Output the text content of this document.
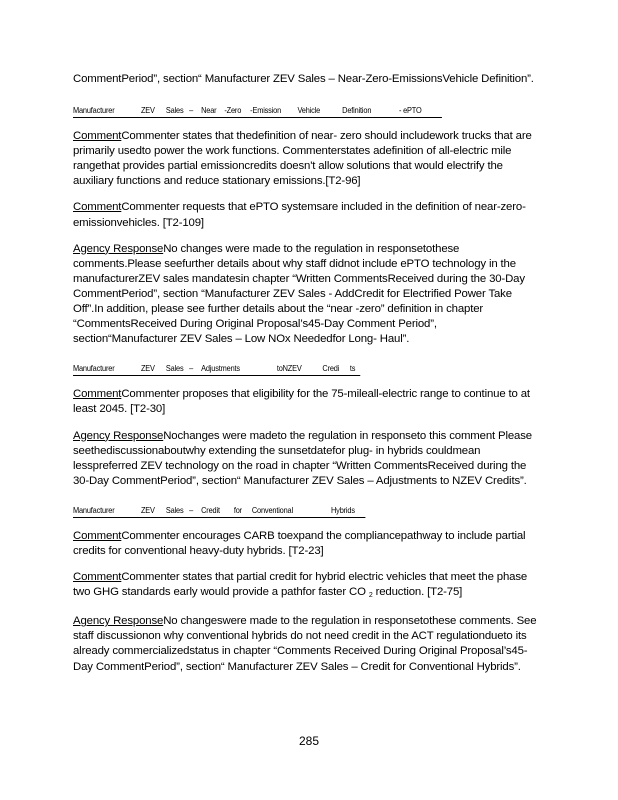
CommentPeriod”, section“ Manufacturer ZEV Sales – Near-Zero-EmissionsVehicle Definition”.

Manufacturer	ZEV Sales – Near -Zero -Emission Vehicle	Definition	- ePTO

CommentCommenter states that thedefinition of near- zero should includework trucks that are primarily usedto power the work functions. Commenterstates adefinition of all-electric mile rangethat provides partial emissioncredits doesn't allow solutions that would electrify the auxiliary functions and reduce stationary emissions.[T2-96]

CommentCommenter requests that ePTO systemsare included in the definition of near-zero-emissionvehicles. [T2-109]

Agency ResponseNo changes were made to the regulation in responsetothese comments.Please seefurther details about why staff didnot include ePTO technology in the manufacturerZEV sales mandatesin chapter “Written CommentsReceived during the 30-Day CommentPeriod”, section “Manufacturer ZEV Sales - AddCredit for Electrified Power Take Off”.In addition, please see further details about the “near -zero” definition in chapter “CommentsReceived During Original Proposal’s45-Day Comment Period”, section“Manufacturer ZEV Sales – Low NOx Neededfor Long- Haul”.

Manufacturer	ZEV Sales – Adjustments	toNZEV Credi ts

CommentCommenter proposes that eligibility for the 75-mileall-electric range to continue to at least 2045. [T2-30]

Agency ResponseNochanges were madeto the regulation in responseto this comment Please seethediscussionaboutwhy extending the sunsetdatefor plug- in hybrids couldmean lesspreferred ZEV technology on the road in chapter “Written CommentsReceived during the 30-Day CommentPeriod”, section“ Manufacturer ZEV Sales – Adjustments to NZEV Credits”.

Manufacturer	ZEV Sales – Credit for Conventional	Hybrids

CommentCommenter encourages CARB toexpand the compliancepathway to include partial credits for conventional heavy-duty hybrids. [T2-23]

CommentCommenter states that partial credit for hybrid electric vehicles that meet the phase two GHG standards early would provide a pathfor faster CO $_2$ reduction. [T2-75]

Agency ResponseNo changeswere made to the regulation in responsetothese comments. See staff discussionon why conventional hybrids do not need credit in the ACT regulationdueto its already commercializedstatus in chapter “Comments Received During Original Proposal’s45-Day CommentPeriod”, section“ Manufacturer ZEV Sales – Credit for Conventional Hybrids”.

285
